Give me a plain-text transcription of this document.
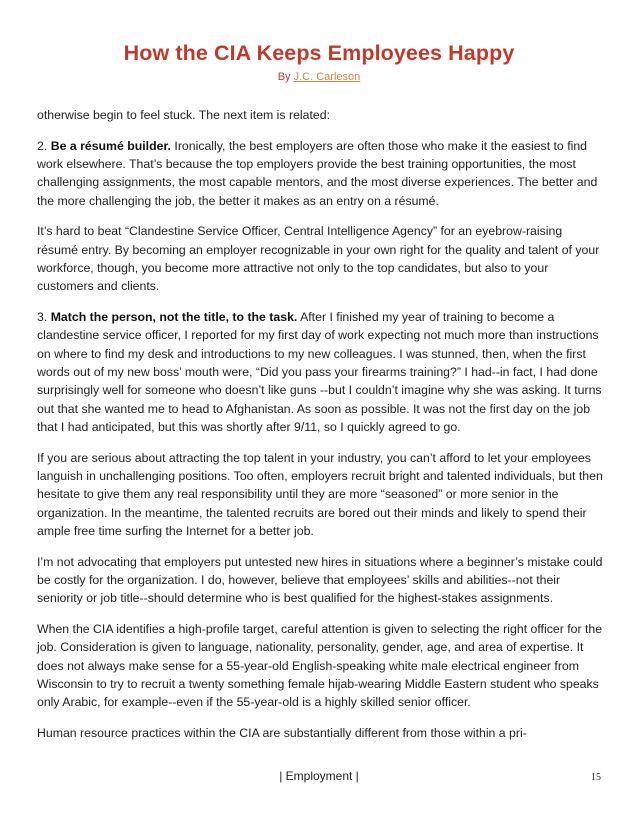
How the CIA Keeps Employees Happy
By J.C. Carleson

otherwise begin to feel stuck. The next item is related:

2. Be a résumé builder. Ironically, the best employers are often those who make it the easiest to find work elsewhere. That’s because the top employers provide the best training opportunities, the most challenging assignments, the most capable mentors, and the most diverse experiences. The better and the more challenging the job, the better it makes as an entry on a résumé.

It’s hard to beat “Clandestine Service Officer, Central Intelligence Agency” for an eyebrow-raising résumé entry. By becoming an employer recognizable in your own right for the quality and talent of your workforce, though, you become more attractive not only to the top candidates, but also to your customers and clients.

3. Match the person, not the title, to the task. After I finished my year of training to become a clandestine service officer, I reported for my first day of work expecting not much more than instructions on where to find my desk and introductions to my new colleagues. I was stunned, then, when the first words out of my new boss’ mouth were, “Did you pass your firearms training?” I had--in fact, I had done surprisingly well for someone who doesn’t like guns --but I couldn’t imagine why she was asking. It turns out that she wanted me to head to Afghanistan. As soon as possible. It was not the first day on the job that I had anticipated, but this was shortly after 9/11, so I quickly agreed to go.

If you are serious about attracting the top talent in your industry, you can’t afford to let your employees languish in unchallenging positions. Too often, employers recruit bright and talented individuals, but then hesitate to give them any real responsibility until they are more “seasoned” or more senior in the organization. In the meantime, the talented recruits are bored out their minds and likely to spend their ample free time surfing the Internet for a better job.

I’m not advocating that employers put untested new hires in situations where a beginner’s mistake could be costly for the organization. I do, however, believe that employees’ skills and abilities--not their seniority or job title--should determine who is best qualified for the highest-stakes assignments.

When the CIA identifies a high-profile target, careful attention is given to selecting the right officer for the job. Consideration is given to language, nationality, personality, gender, age, and area of expertise. It does not always make sense for a 55-year-old English-speaking white male electrical engineer from Wisconsin to try to recruit a twenty something female hijab-wearing Middle Eastern student who speaks only Arabic, for example--even if the 55-year-old is a highly skilled senior officer.

Human resource practices within the CIA are substantially different from those within a pri-

| Employment |	15
